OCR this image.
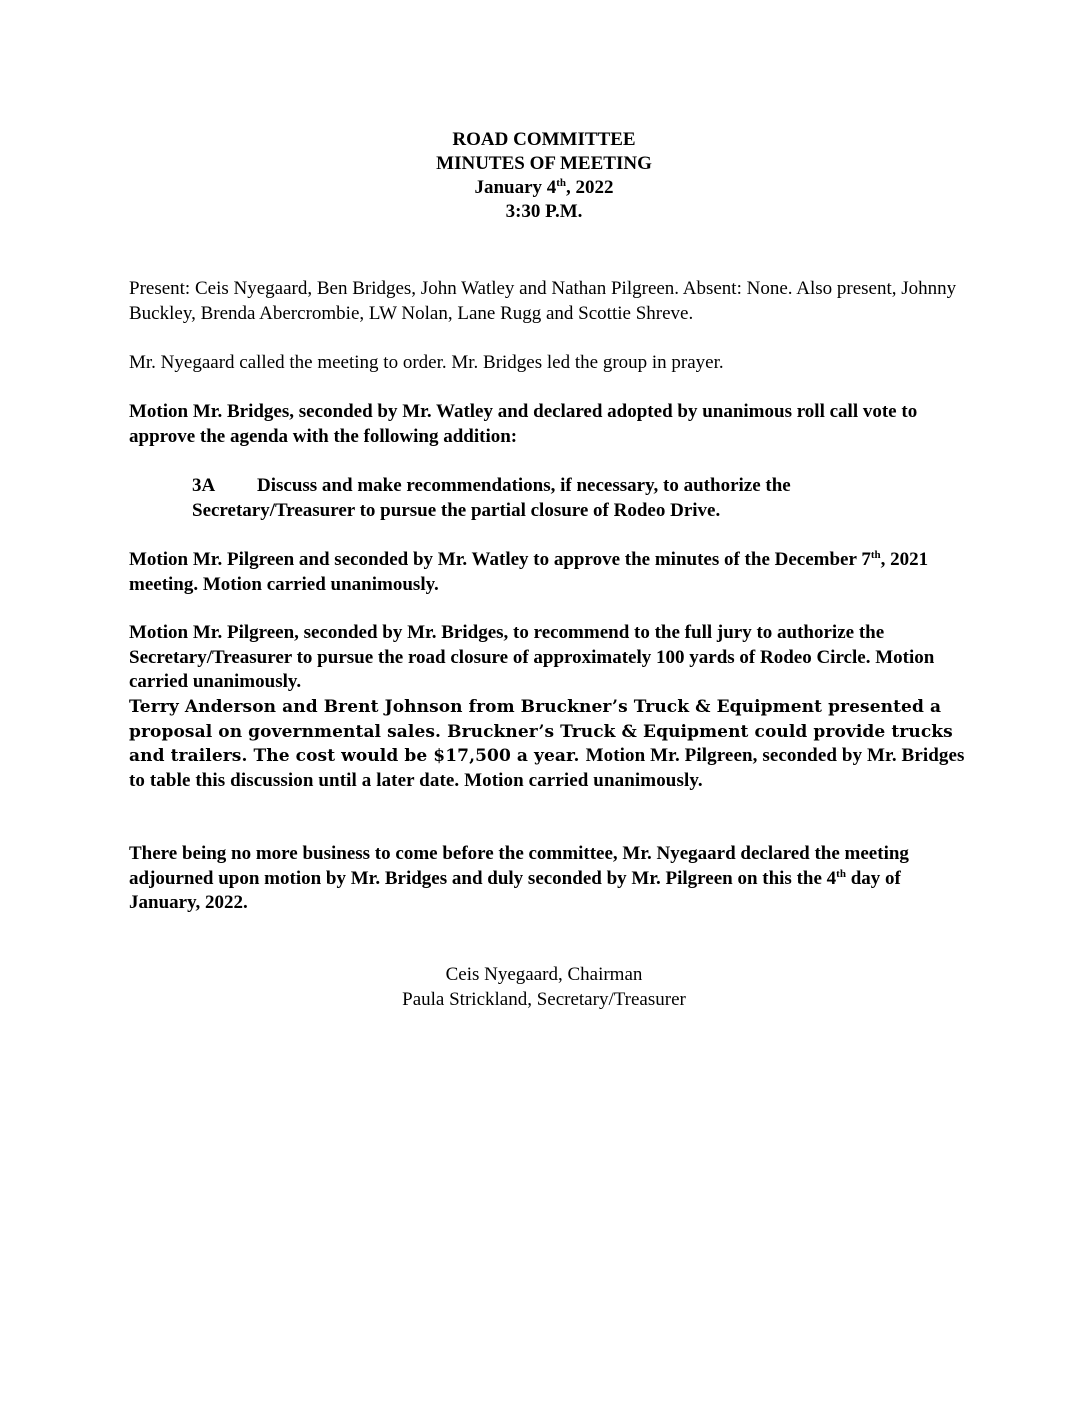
ROAD COMMITTEE
MINUTES OF MEETING
January 4th, 2022
3:30 P.M.

Present: Ceis Nyegaard, Ben Bridges, John Watley and Nathan Pilgreen. Absent: None. Also present, Johnny Buckley, Brenda Abercrombie, LW Nolan, Lane Rugg and Scottie Shreve.

Mr. Nyegaard called the meeting to order. Mr. Bridges led the group in prayer.

Motion Mr. Bridges, seconded by Mr. Watley and declared adopted by unanimous roll call vote to approve the agenda with the following addition:

3A Discuss and make recommendations, if necessary, to authorize the Secretary/Treasurer to pursue the partial closure of Rodeo Drive.

Motion Mr. Pilgreen and seconded by Mr. Watley to approve the minutes of the December 7th, 2021 meeting. Motion carried unanimously.

Motion Mr. Pilgreen, seconded by Mr. Bridges, to recommend to the full jury to authorize the Secretary/Treasurer to pursue the road closure of approximately 100 yards of Rodeo Circle. Motion carried unanimously.

Terry Anderson and Brent Johnson from Bruckner’s Truck & Equipment presented a proposal on governmental sales. Bruckner’s Truck & Equipment could provide trucks and trailers. The cost would be $17,500 a year. Motion Mr. Pilgreen, seconded by Mr. Bridges to table this discussion until a later date. Motion carried unanimously.

There being no more business to come before the committee, Mr. Nyegaard declared the meeting adjourned upon motion by Mr. Bridges and duly seconded by Mr. Pilgreen on this the 4th day of January, 2022.

Ceis Nyegaard, Chairman
Paula Strickland, Secretary/Treasurer
